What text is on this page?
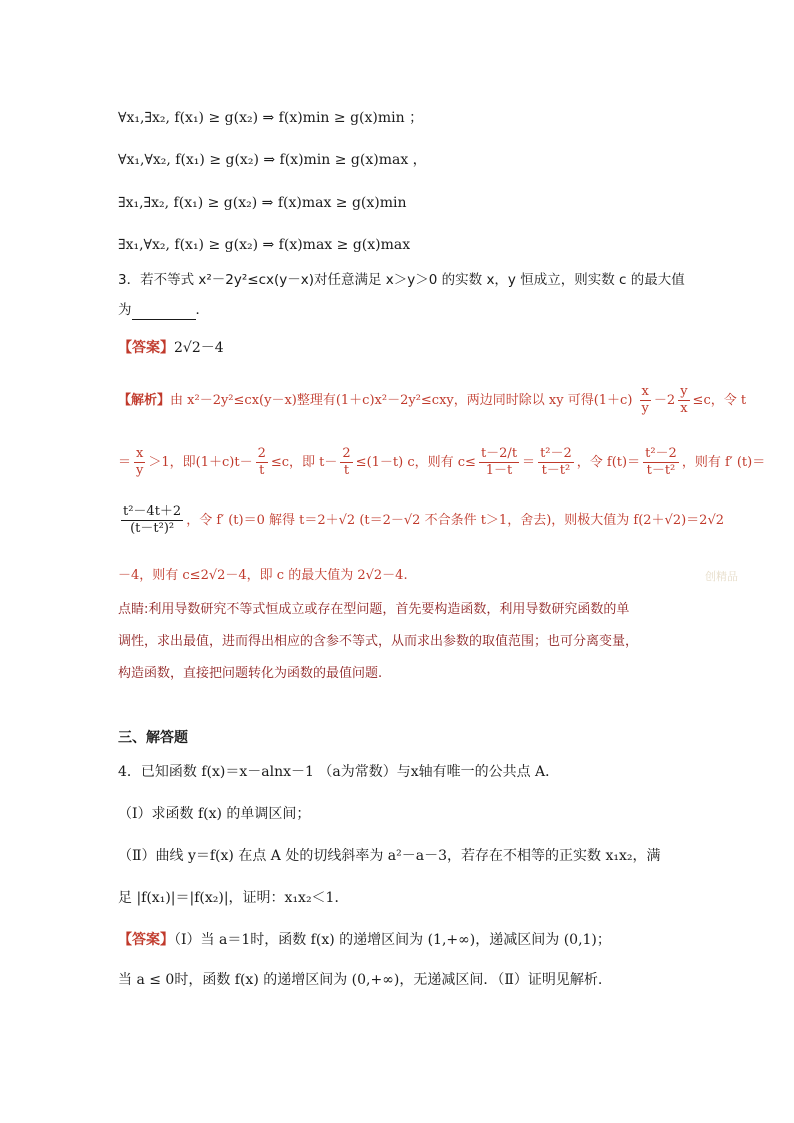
∀x₁,∃x₂, f(x₁) ≥ g(x₂) ⇒ f(x)min ≥ g(x)min ；
∀x₁,∀x₂, f(x₁) ≥ g(x₂) ⇒ f(x)min ≥ g(x)max ，
∃x₁,∃x₂, f(x₁) ≥ g(x₂) ⇒ f(x)max ≥ g(x)min
∃x₁,∀x₂, f(x₁) ≥ g(x₂) ⇒ f(x)max ≥ g(x)max
3．若不等式 x²－2y²≤cx(y－x)对任意满足 x＞y＞0 的实数 x，y 恒成立，则实数 c 的最大值
为	．
【答案】2√2－4
【解析】由 x²－2y²≤cx(y－x)整理有(1＋c)x²－2y²≤cxy，两边同时除以 xy 可得$(1+c) \frac{x}{y} -2 \frac{y}{x} \le c$，令 t
＝ $\frac{x}{y} >1$，即$(1+c)t- \frac{2}{t} \le c$，即 $t- \frac{2}{t} \le(1-t)$ c，则有 $c\le \frac{t-2/t}{1-t} = \frac{\text{t²－2}}{\text{t－t²}}$ ，令 $f(t)= \frac{\text{t²－2}}{\text{t－t²}}$ ，则有 f′ (t)＝
$\frac{\text{t²－4t＋2}}{\text{(t－t²)²}}$ ，令 f′ (t)＝0 解得 t＝2＋√2 (t＝2－√2 不合条件 t＞1，舍去)，则极大值为 f(2＋√2)＝2√2
－4，则有 c≤2√2－4，即 c 的最大值为 2√2－4.	创精品
点睛:利用导数研究不等式恒成立或存在型问题，首先要构造函数，利用导数研究函数的单
调性，求出最值，进而得出相应的含参不等式，从而求出参数的取值范围；也可分离变量，
构造函数，直接把问题转化为函数的最值问题.
三、解答题
4．已知函数 f(x)＝x－alnx－1 （a为常数）与x轴有唯一的公共点 A．
（Ⅰ）求函数 f(x) 的单调区间；
（Ⅱ）曲线 y＝f(x) 在点 A 处的切线斜率为 a²－a－3，若存在不相等的正实数 x₁x₂，满
足 |f(x₁)|＝|f(x₂)|，证明：x₁x₂＜1．
【答案】（Ⅰ）当 a＝1时，函数 f(x) 的递增区间为 (1,+∞)，递减区间为 (0,1)；
当 a ≤ 0时，函数 f(x) 的递增区间为 (0,+∞)，无递减区间．（Ⅱ）证明见解析.
